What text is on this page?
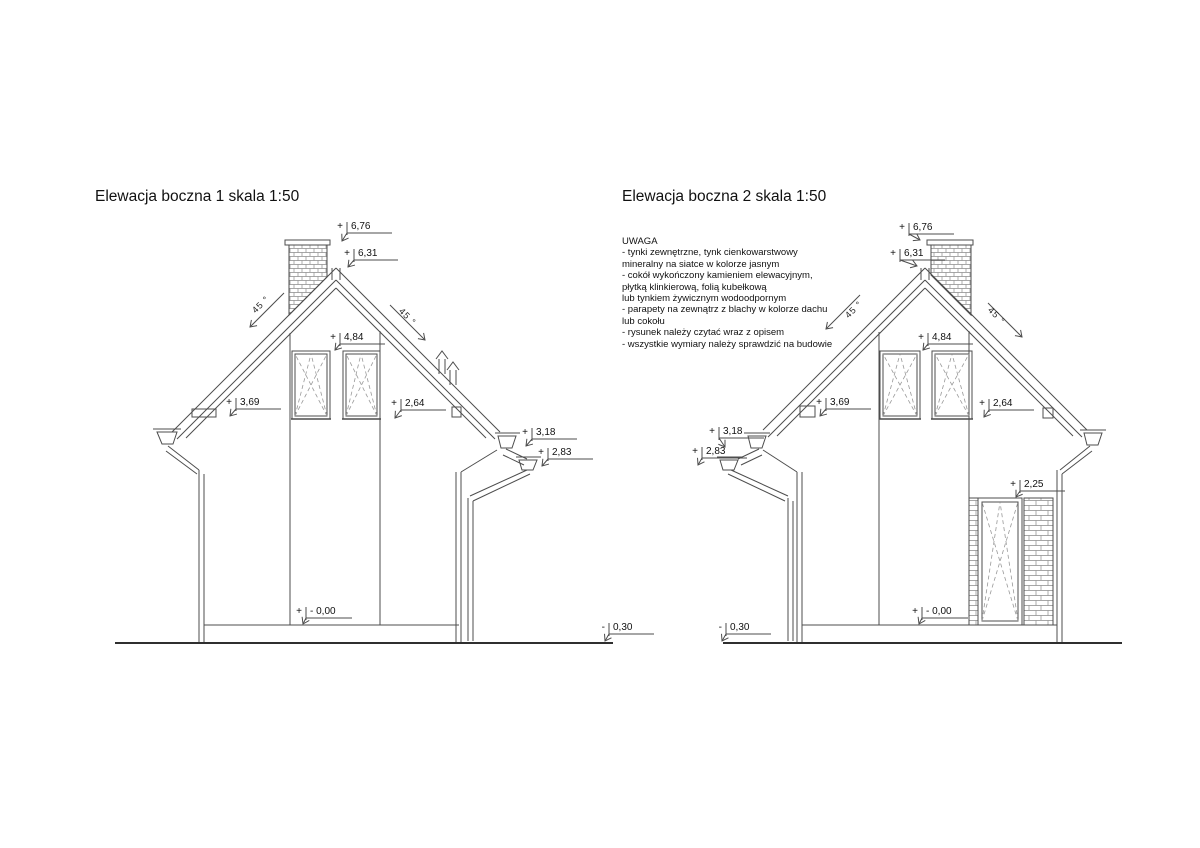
Elewacja boczna 1 skala 1:50	Elewacja boczna 2 skala 1:50
UWAGA
- tynki zewnętrzne, tynk cienkowarstwowy
mineralny na siatce w kolorze jasnym
- cokół wykończony kamieniem elewacyjnym,
płytką klinkierową, folią kubełkową
lub tynkiem żywicznym wodoodpornym
- parapety na zewnątrz z blachy w kolorze dachu
lub cokołu
- rysunek należy czytać wraz z opisem
- wszystkie wymiary należy sprawdzić na budowie
45 °
45 °	45 °	45 °
+ 6,76
+ 6,31
+ 4,84
+ 3,69	+ 2,64
+ 3,18
+ 2,83
+ - 0,00
- 0,30
+ 6,76
+ 6,31
+ 4,84
+ 3,69	+ 2,64
+ 3,18
+ 2,83
+ 2,25
+ - 0,00
- 0,30
